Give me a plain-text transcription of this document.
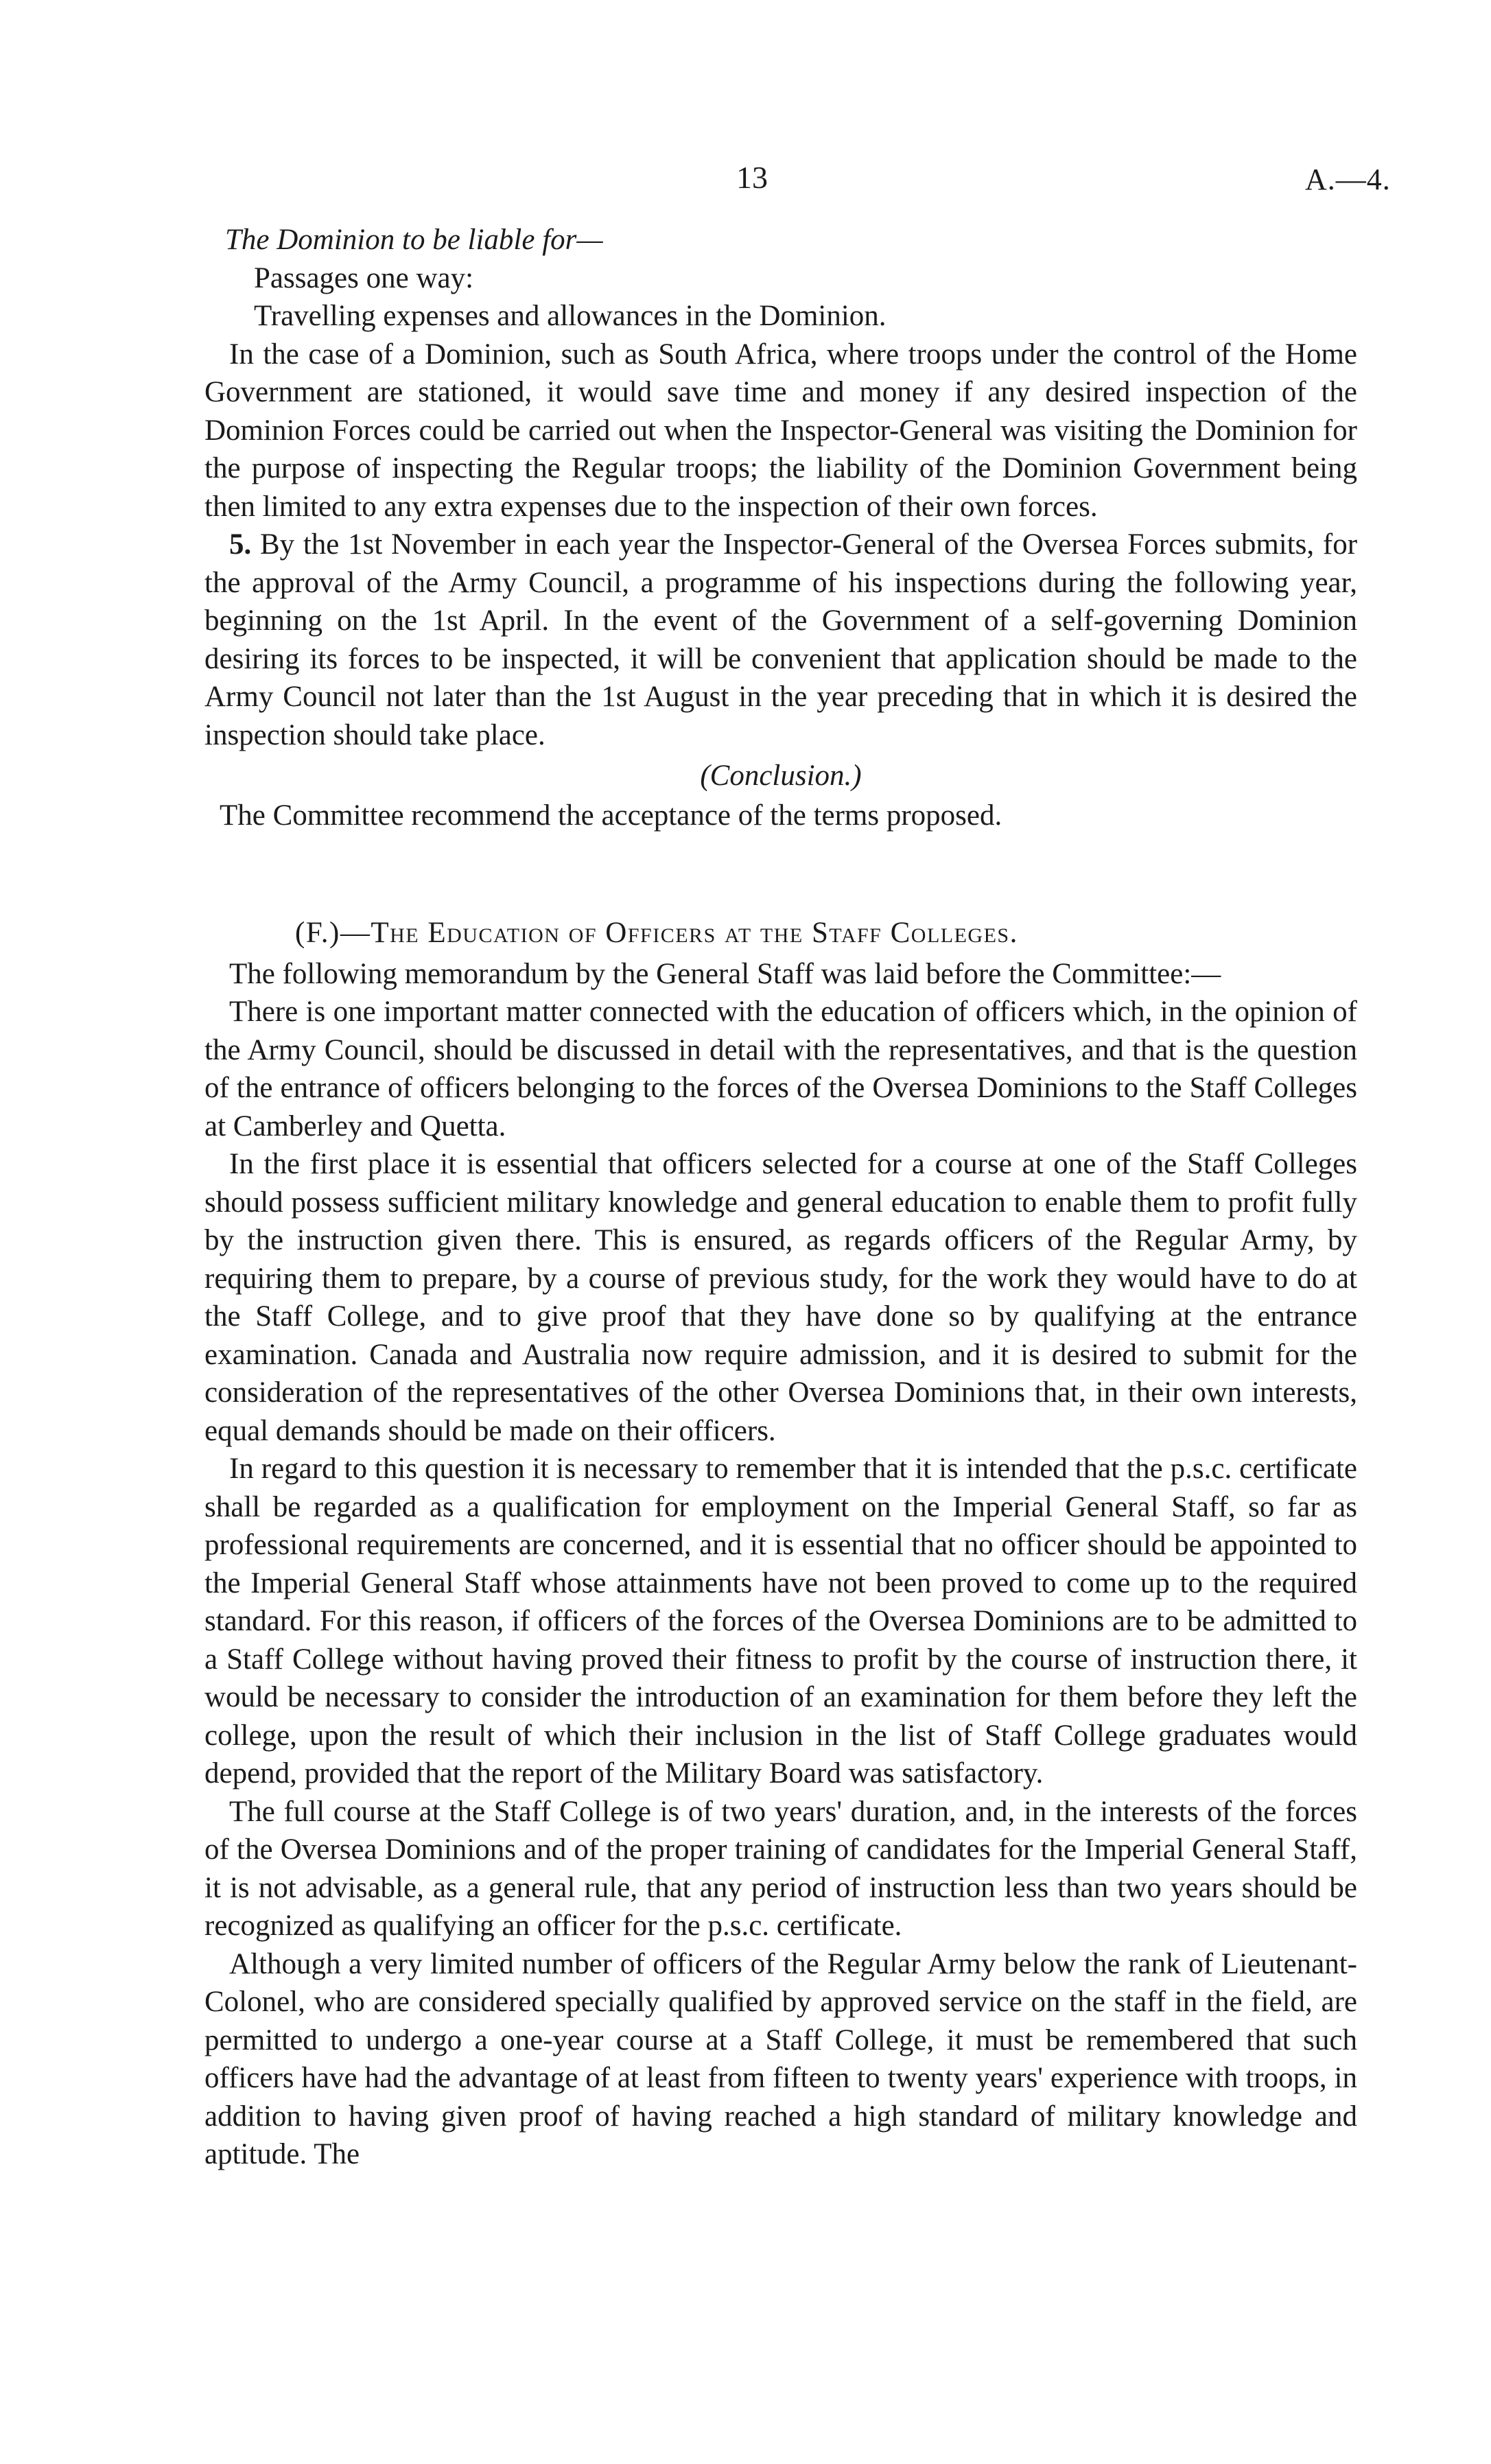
13	A.—4.

The Dominion to be liable for—

Passages one way:

Travelling expenses and allowances in the Dominion.

In the case of a Dominion, such as South Africa, where troops under the control of the Home Government are stationed, it would save time and money if any desired inspection of the Dominion Forces could be carried out when the Inspector-General was visiting the Dominion for the purpose of inspecting the Regular troops; the liability of the Dominion Government being then limited to any extra expenses due to the inspection of their own forces.

5. By the 1st November in each year the Inspector-General of the Oversea Forces submits, for the approval of the Army Council, a programme of his inspections during the following year, beginning on the 1st April. In the event of the Government of a self-governing Dominion desiring its forces to be inspected, it will be convenient that application should be made to the Army Council not later than the 1st August in the year preceding that in which it is desired the inspection should take place.

(Conclusion.)

The Committee recommend the acceptance of the terms proposed.

(F.)—The Education of Officers at the Staff Colleges.

The following memorandum by the General Staff was laid before the Committee:—

There is one important matter connected with the education of officers which, in the opinion of the Army Council, should be discussed in detail with the representatives, and that is the question of the entrance of officers belonging to the forces of the Oversea Dominions to the Staff Colleges at Camberley and Quetta.

In the first place it is essential that officers selected for a course at one of the Staff Colleges should possess sufficient military knowledge and general education to enable them to profit fully by the instruction given there. This is ensured, as regards officers of the Regular Army, by requiring them to prepare, by a course of previous study, for the work they would have to do at the Staff College, and to give proof that they have done so by qualifying at the entrance examination. Canada and Australia now require admission, and it is desired to submit for the consideration of the representatives of the other Oversea Dominions that, in their own interests, equal demands should be made on their officers.

In regard to this question it is necessary to remember that it is intended that the p.s.c. certificate shall be regarded as a qualification for employment on the Imperial General Staff, so far as professional requirements are concerned, and it is essential that no officer should be appointed to the Imperial General Staff whose attainments have not been proved to come up to the required standard. For this reason, if officers of the forces of the Oversea Dominions are to be admitted to a Staff College without having proved their fitness to profit by the course of instruction there, it would be necessary to consider the introduction of an examination for them before they left the college, upon the result of which their inclusion in the list of Staff College graduates would depend, provided that the report of the Military Board was satisfactory.

The full course at the Staff College is of two years' duration, and, in the interests of the forces of the Oversea Dominions and of the proper training of candidates for the Imperial General Staff, it is not advisable, as a general rule, that any period of instruction less than two years should be recognized as qualifying an officer for the p.s.c. certificate.

Although a very limited number of officers of the Regular Army below the rank of Lieutenant-Colonel, who are considered specially qualified by approved service on the staff in the field, are permitted to undergo a one-year course at a Staff College, it must be remembered that such officers have had the advantage of at least from fifteen to twenty years' experience with troops, in addition to having given proof of having reached a high standard of military knowledge and aptitude. The
